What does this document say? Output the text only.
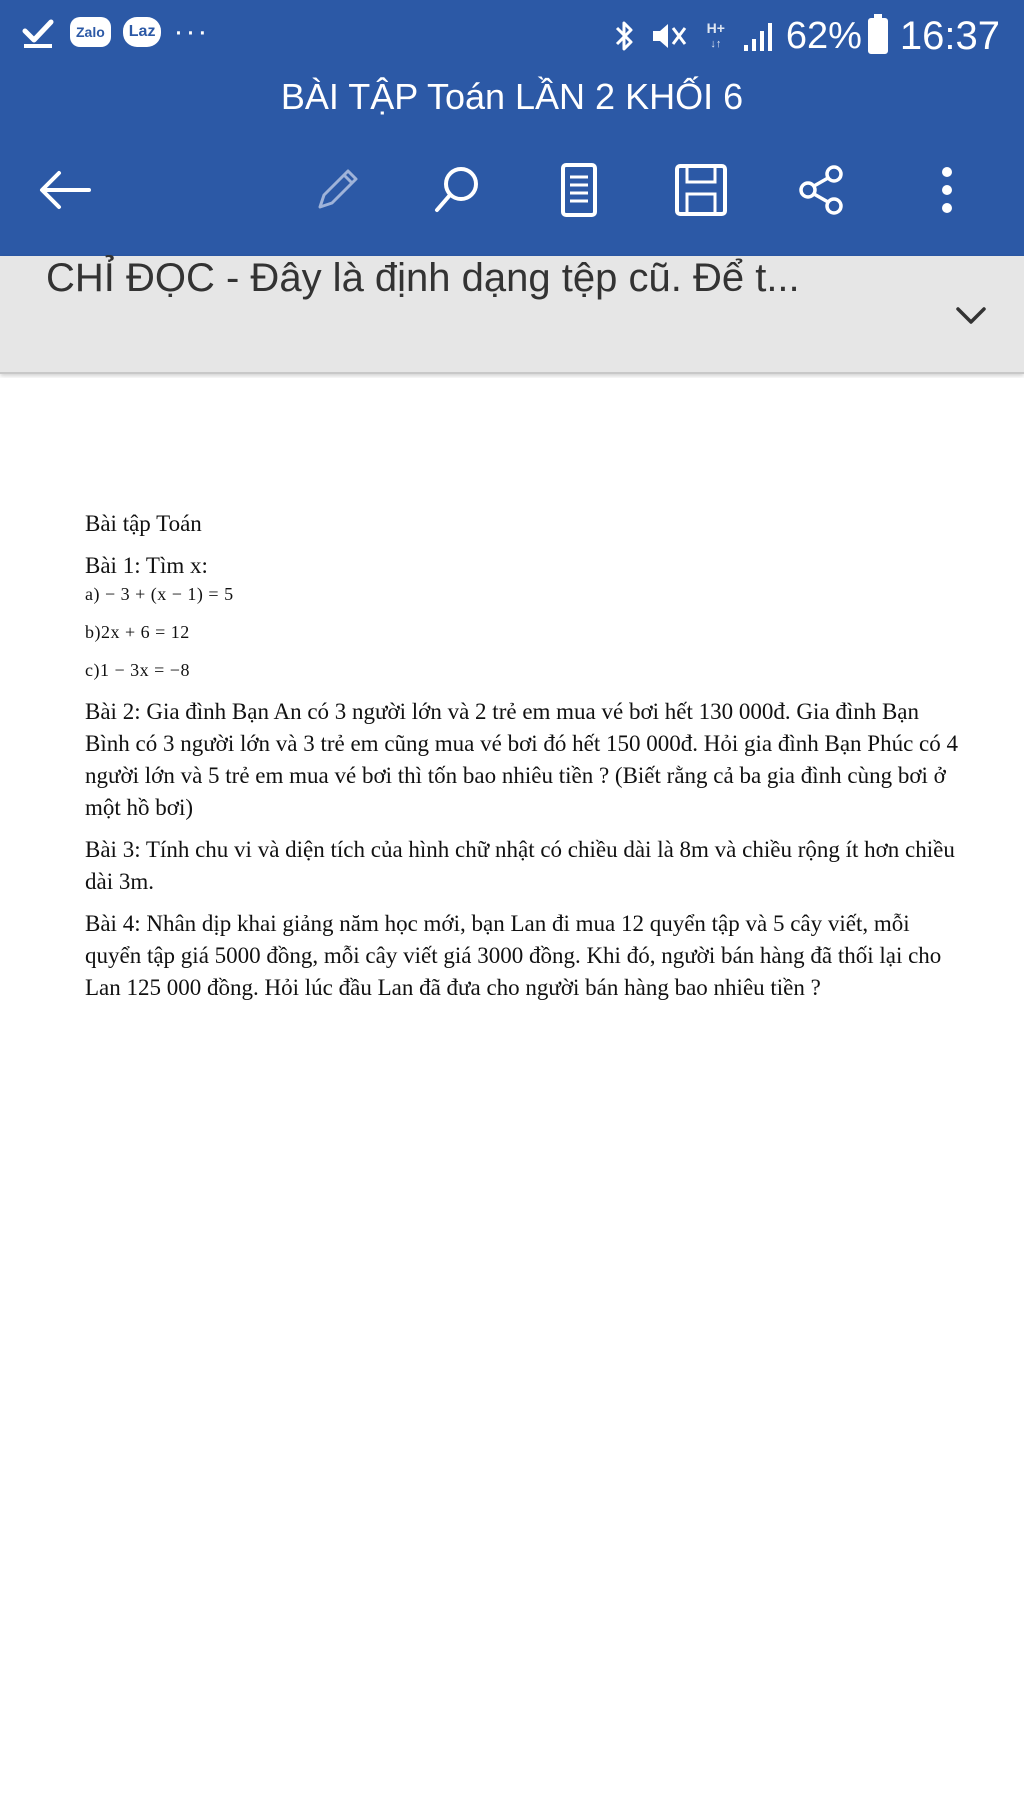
Zalo	Laz ···	H+
↓↑ 62% 16:37
BÀI TẬP Toán LẦN 2 KHỐI 6
CHỈ ĐỌC - Đây là định dạng tệp cũ. Để t...
Bài tập Toán
Bài 1: Tìm x:
a) − 3 + (x − 1) = 5
b)2x + 6 = 12
c)1 − 3x = −8
Bài 2: Gia đình Bạn An có 3 người lớn và 2 trẻ em mua vé bơi hết 130 000đ. Gia đình Bạn Bình có 3 người lớn và 3 trẻ em cũng mua vé bơi đó hết 150 000đ. Hỏi gia đình Bạn Phúc có 4 người lớn và 5 trẻ em mua vé bơi thì tốn bao nhiêu tiền ? (Biết rằng cả ba gia đình cùng bơi ở một hồ bơi)
Bài 3: Tính chu vi và diện tích của hình chữ nhật có chiều dài là 8m và chiều rộng ít hơn chiều dài 3m.
Bài 4: Nhân dịp khai giảng năm học mới, bạn Lan đi mua 12 quyển tập và 5 cây viết, mỗi quyển tập giá 5000 đồng, mỗi cây viết giá 3000 đồng. Khi đó, người bán hàng đã thối lại cho Lan 125 000 đồng. Hỏi lúc đầu Lan đã đưa cho người bán hàng bao nhiêu tiền ?
